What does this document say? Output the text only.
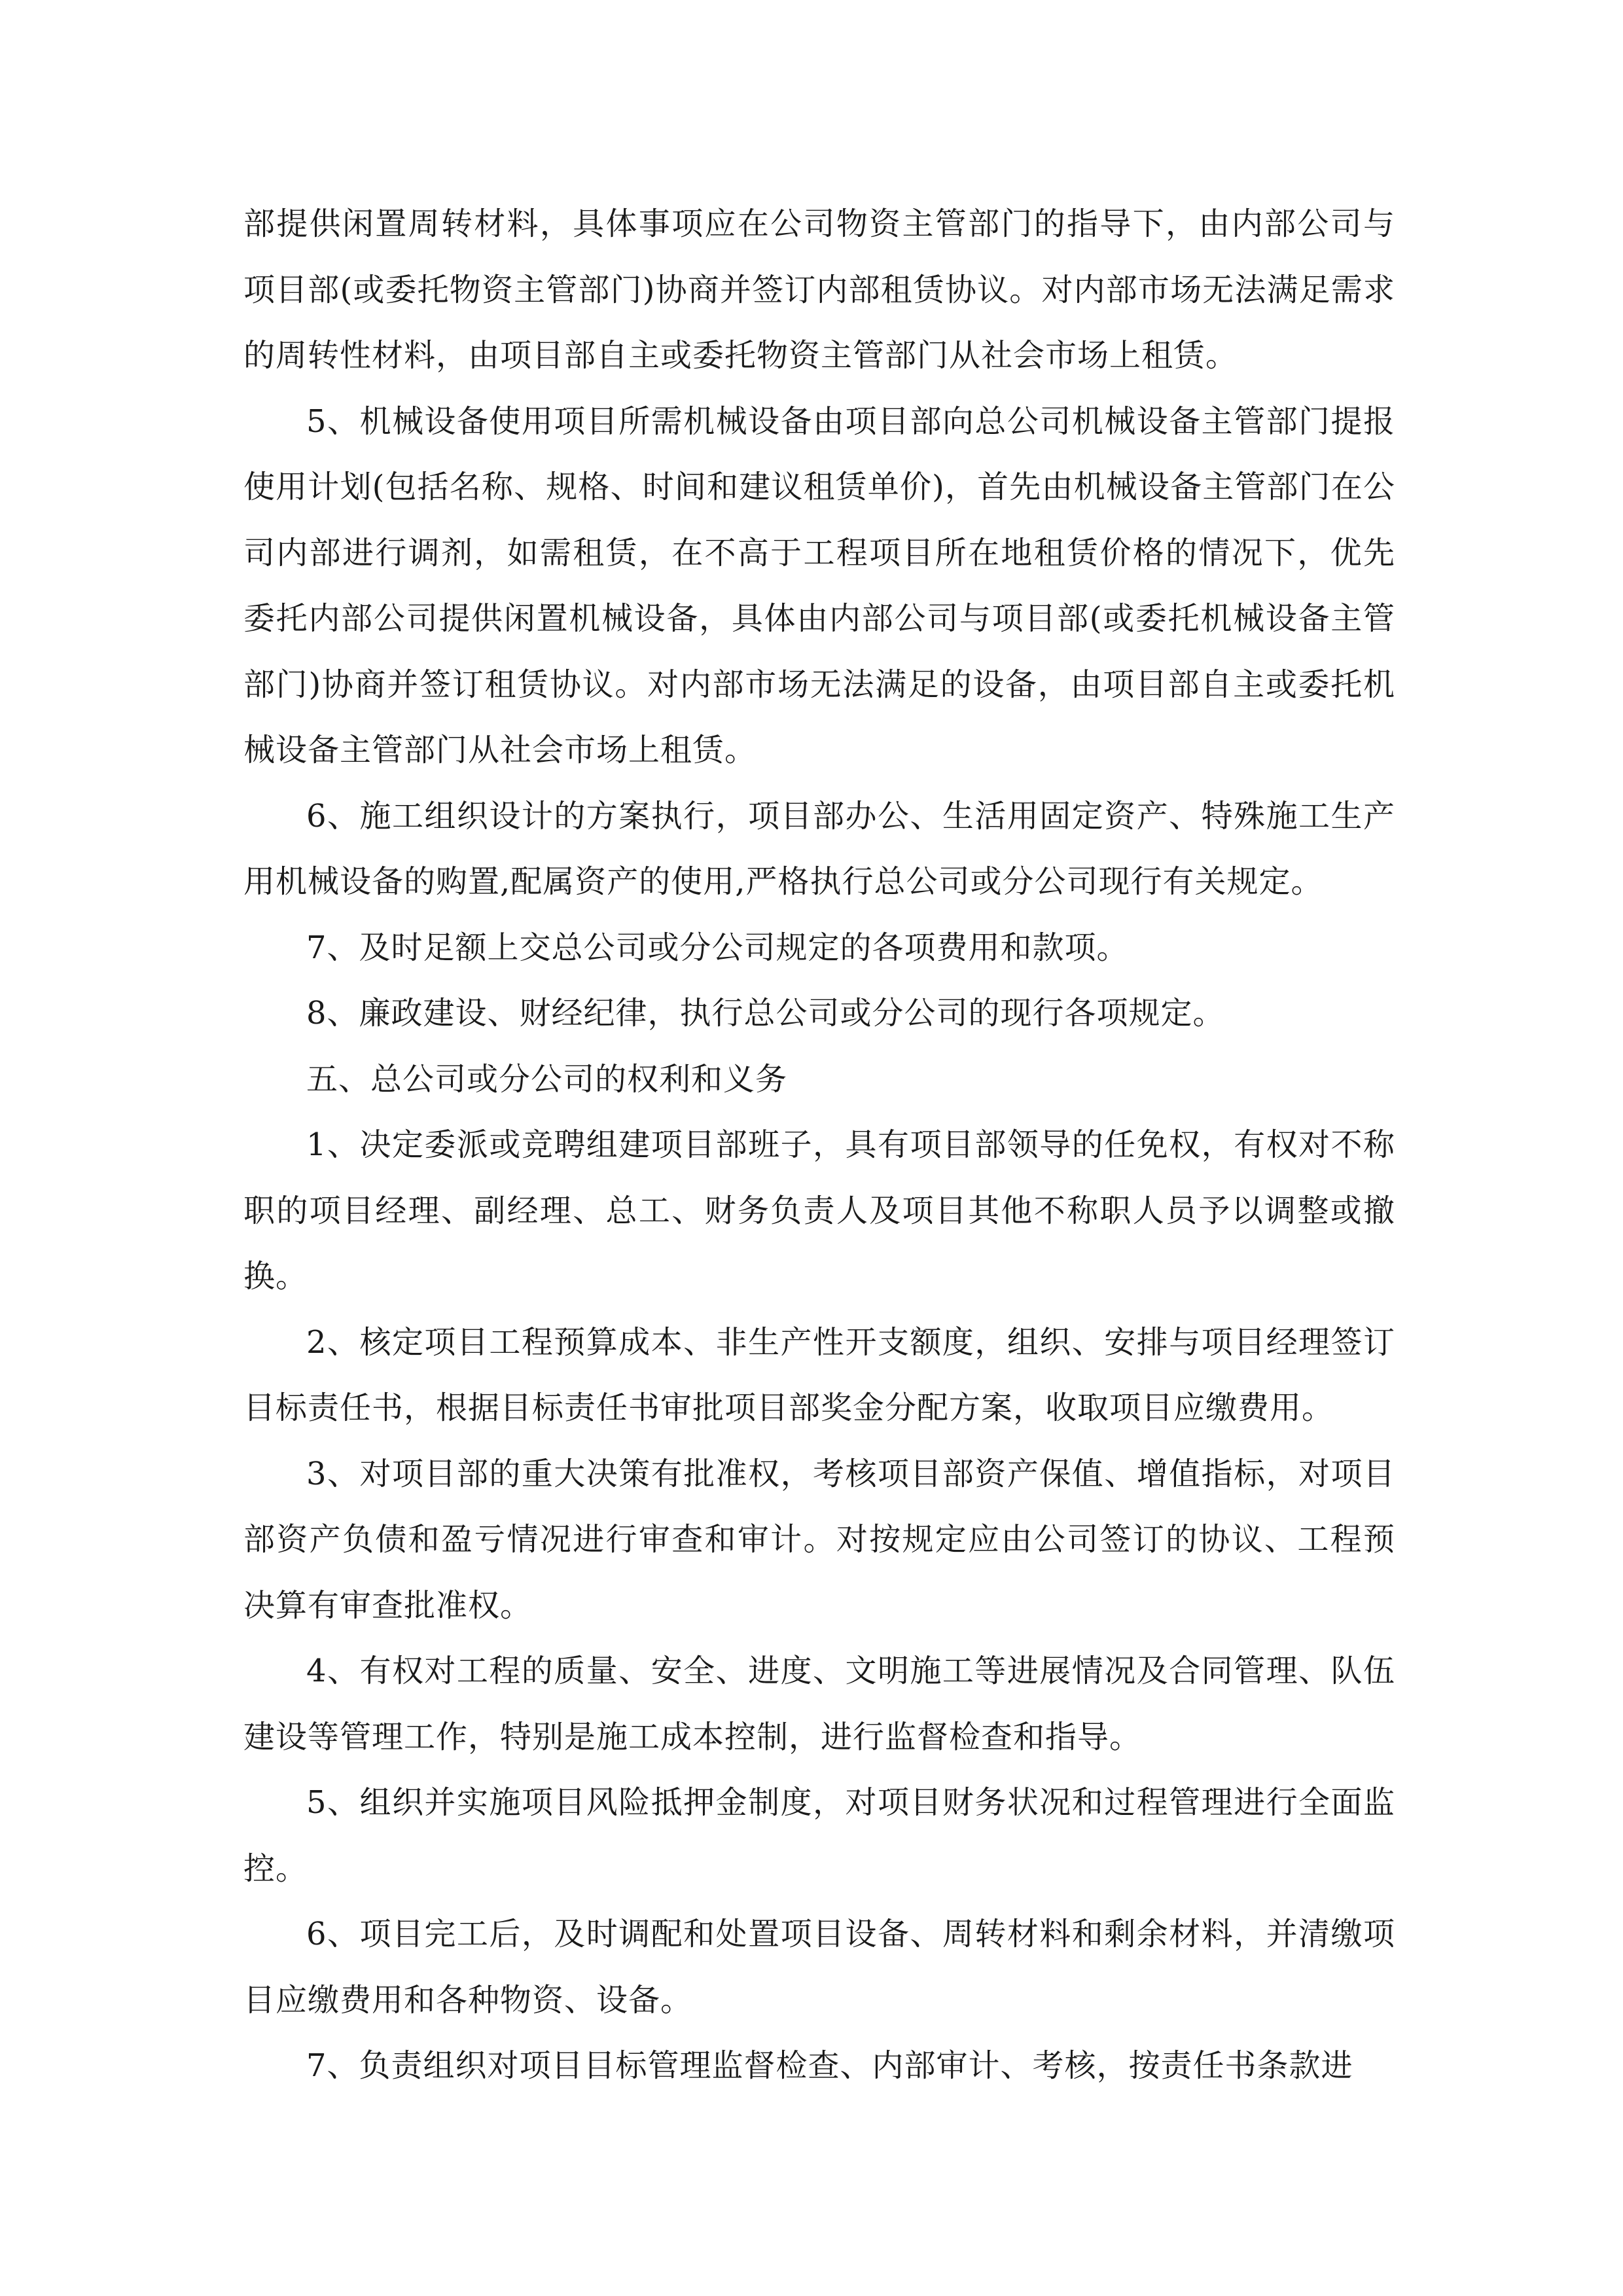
部提供闲置周转材料，具体事项应在公司物资主管部门的指导下，由内部公司与项目部(或委托物资主管部门)协商并签订内部租赁协议。对内部市场无法满足需求的周转性材料，由项目部自主或委托物资主管部门从社会市场上租赁。

5、机械设备使用项目所需机械设备由项目部向总公司机械设备主管部门提报使用计划(包括名称、规格、时间和建议租赁单价)，首先由机械设备主管部门在公司内部进行调剂，如需租赁，在不高于工程项目所在地租赁价格的情况下，优先委托内部公司提供闲置机械设备，具体由内部公司与项目部(或委托机械设备主管部门)协商并签订租赁协议。对内部市场无法满足的设备，由项目部自主或委托机械设备主管部门从社会市场上租赁。

6、施工组织设计的方案执行，项目部办公、生活用固定资产、特殊施工生产用机械设备的购置,配属资产的使用,严格执行总公司或分公司现行有关规定。

7、及时足额上交总公司或分公司规定的各项费用和款项。

8、廉政建设、财经纪律，执行总公司或分公司的现行各项规定。

五、总公司或分公司的权利和义务

1、决定委派或竞聘组建项目部班子，具有项目部领导的任免权，有权对不称职的项目经理、副经理、总工、财务负责人及项目其他不称职人员予以调整或撤换。

2、核定项目工程预算成本、非生产性开支额度，组织、安排与项目经理签订目标责任书，根据目标责任书审批项目部奖金分配方案，收取项目应缴费用。

3、对项目部的重大决策有批准权，考核项目部资产保值、增值指标，对项目部资产负债和盈亏情况进行审查和审计。对按规定应由公司签订的协议、工程预决算有审查批准权。

4、有权对工程的质量、安全、进度、文明施工等进展情况及合同管理、队伍建设等管理工作，特别是施工成本控制，进行监督检查和指导。

5、组织并实施项目风险抵押金制度，对项目财务状况和过程管理进行全面监控。

6、项目完工后，及时调配和处置项目设备、周转材料和剩余材料，并清缴项目应缴费用和各种物资、设备。

7、负责组织对项目目标管理监督检查、内部审计、考核，按责任书条款进
